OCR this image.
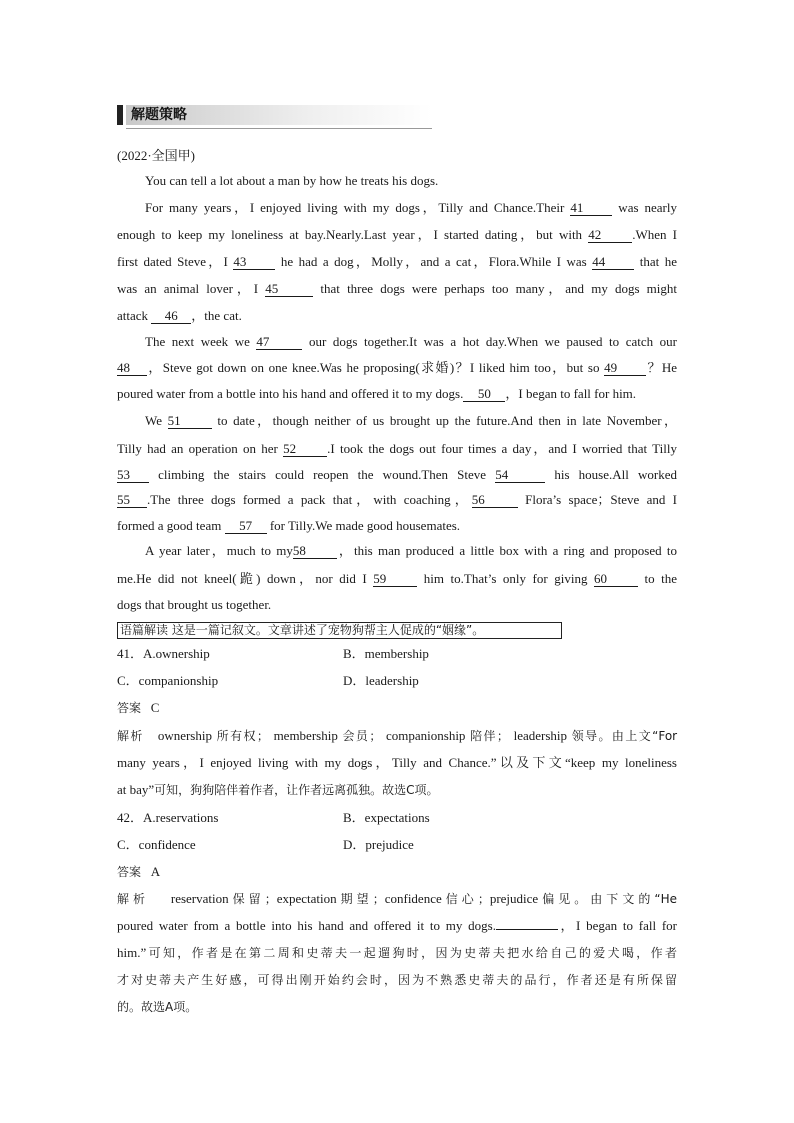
解题策略
(2022·全国甲)
You can tell a lot about a man by how he treats his dogs.
For many years，I enjoyed living with my dogs，Tilly and Chance.Their 41 was nearly
enough to keep my loneliness at bay.Nearly.Last year，I started dating，but with 42 .When I
first dated Steve，I 43 he had a dog，Molly，and a cat，Flora.While I was 44 that he
was an animal lover，I 45	that three dogs were perhaps too many，and my dogs might
attack 46 ，the cat.
The next week we 47	our dogs together.It was a hot day.When we paused to catch our
48 ，Steve got down on one knee.Was he proposing(求婚)？I liked him too，but so 49 ？He
poured water from a bottle into his hand and offered it to my dogs. 50 ，I began to fall for him.
We 51 to date，though neither of us brought up the future.And then in late November，
Tilly had an operation on her 52 .I took the dogs out four times a day，and I worried that Tilly
53 climbing the stairs could reopen the wound.Then Steve 54	his house.All worked
55 .The three dogs formed a pack that，with coaching，56	Flora’s space；Steve and I
formed a good team 57 for Tilly.We made good housemates.
A year later，much to my58 ，this man produced a little box with a ring and proposed to
me.He did not kneel(跪) down，nor did I 59 him to.That’s only for giving 60 to the
dogs that brought us together.
语篇解读 这是一篇记叙文。文章讲述了宠物狗帮主人促成的“姻缘”。
41．A.ownership	B．membership
C．companionship	D．leadership
答案 C
解析 ownership 所有权； membership 会员； companionship 陪伴； leadership 领导。由上文“For
many years，I enjoyed living with my dogs，Tilly and Chance.”以及下文“keep my loneliness
at bay”可知，狗狗陪伴着作者，让作者远离孤独。故选C项。
42．A.reservations	B．expectations
C．confidence	D．prejudice
答案 A
解析 reservation保留；expectation期望；confidence信心；prejudice偏见。由下文的“He
poured water from a bottle into his hand and offered it to my dogs.	，I began to fall for
him.”可知，作者是在第二周和史蒂夫一起遛狗时，因为史蒂夫把水给自己的爱犬喝，作者
才对史蒂夫产生好感，可得出刚开始约会时，因为不熟悉史蒂夫的品行，作者还是有所保留
的。故选A项。
